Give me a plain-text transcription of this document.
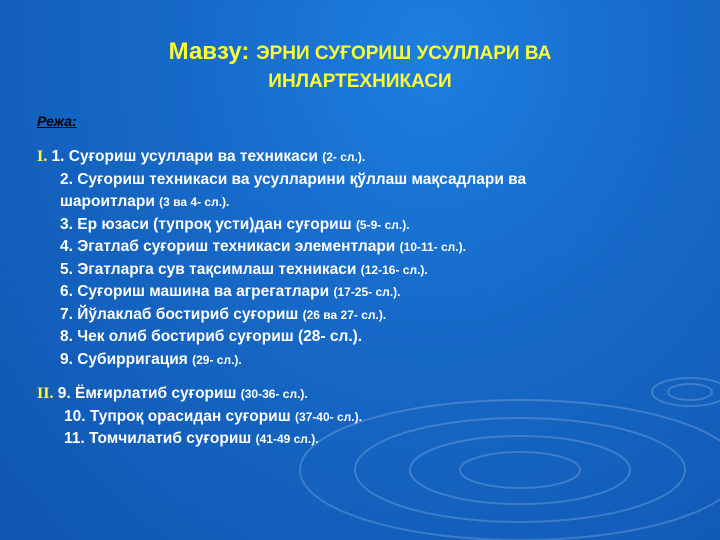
Мавзу: ЭРНИ СУҒОРИШ УСУЛЛАРИ ВА
ИНЛАРТЕХНИКАСИ
Режа:
I. 1. Суғориш усуллари ва техникаси (2- сл.).
2. Суғориш техникаси ва усулларини қўллаш мақсадлари ва
шароитлари (3 ва 4- сл.).
3. Ер юзаси (тупроқ усти)дан суғориш (5-9- сл.).
4. Эгатлаб суғориш техникаси элементлари (10-11- сл.).
5. Эгатларга сув тақсимлаш техникаси (12-16- сл.).
6. Суғориш машина ва агрегатлари (17-25- сл.).
7. Йўлаклаб бостириб суғориш (26 ва 27- сл.).
8. Чек олиб бостириб суғориш (28- сл.).
9. Субирригация (29- сл.).
II. 9. Ёмғирлатиб суғориш (30-36- сл.).
10. Тупроқ орасидан суғориш (37-40- сл.).
11. Томчилатиб суғориш (41-49 сл.).
